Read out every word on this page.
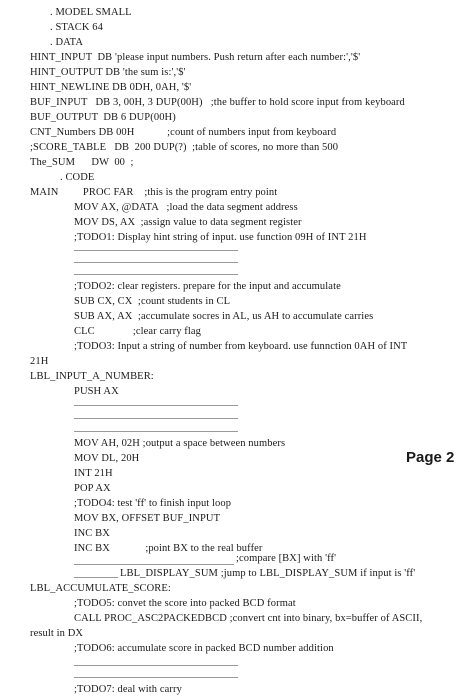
. MODEL SMALL
. STACK 64
. DATA
HINT_INPUT  DB 'please input numbers. Push return after each number:','$'
HINT_OUTPUT DB 'the sum is:','$'
HINT_NEWLINE DB 0DH, 0AH, '$'
BUF_INPUT   DB 3, 00H, 3 DUP(00H)   ;the buffer to hold score input from keyboard
BUF_OUTPUT  DB 6 DUP(00H)
CNT_Numbers DB 00H            ;count of numbers input from keyboard
;SCORE_TABLE   DB  200 DUP(?)  ;table of scores, no more than 500
The_SUM      DW  00  ;
. CODE
MAIN         PROC FAR    ;this is the program entry point
MOV AX, @DATA   ;load the data segment address
MOV DS, AX  ;assign value to data segment register
;TODO1: Display hint string of input. use function 09H of INT 21H
;TODO2: clear registers. prepare for the input and accumulate
SUB CX, CX  ;count students in CL
SUB AX, AX  ;accumulate socres in AL, us AH to accumulate carries
CLC              ;clear carry flag
;TODO3: Input a string of number from keyboard. use funnction 0AH of INT
21H
LBL_INPUT_A_NUMBER:
PUSH AX
MOV AH, 02H ;output a space between numbers
MOV DL, 20H	Page 2
INT 21H
POP AX
;TODO4: test 'ff' to finish input loop
MOV BX, OFFSET BUF_INPUT
INC BX
INC BX             ;point BX to the real buffer
;compare [BX] with 'ff'
LBL_DISPLAY_SUM ;jump to LBL_DISPLAY_SUM if input is 'ff'
LBL_ACCUMULATE_SCORE:
;TODO5: convet the score into packed BCD format
CALL PROC_ASC2PACKEDBCD ;convert cnt into binary, bx=buffer of ASCII,
result in DX
;TODO6: accumulate score in packed BCD number addition
;TODO7: deal with carry
